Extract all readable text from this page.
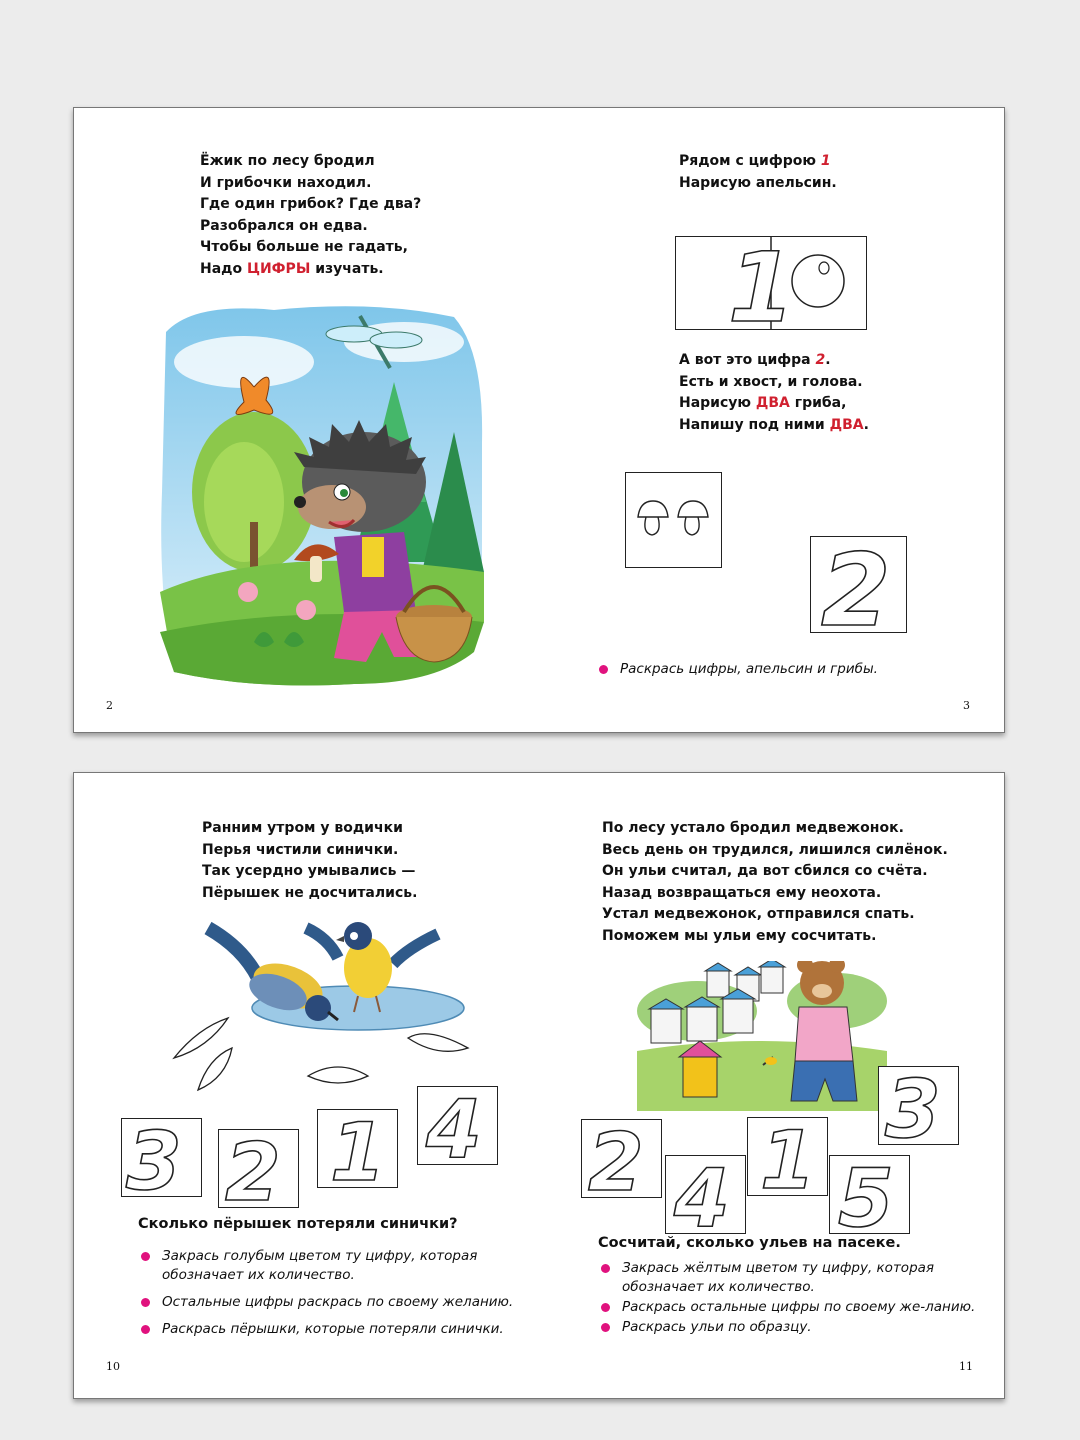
Ёжик по лесу бродил
И грибочки находил.
Где один грибок? Где два?
Разобрался он едва.
Чтобы больше не гадать,
Надо ЦИФРЫ изучать.
2
Рядом с цифрою 1
Нарисую апельсин.
1
А вот это цифра 2.
Есть и хвост, и голова.
Нарисую ДВА гриба,
Напишу под ними ДВА.
2
Раскрась цифры, апельсин и грибы.
3
Ранним утром у водички
Перья чистили синички.
Так усердно умывались —
Пёрышек не досчитались.
3 2 1 4
Сколько пёрышек потеряли синички?
Закрась голубым цветом ту цифру, которая обозначает их количество.
Остальные цифры раскрась по своему желанию.
Раскрась пёрышки, которые потеряли синички.
10
По лесу устало бродил медвежонок.
Весь день он трудился, лишился силёнок.
Он ульи считал, да вот сбился со счёта.
Назад возвращаться ему неохота.
Устал медвежонок, отправился спать.
Поможем мы ульи ему сосчитать.
2 4 1 5
3
Сосчитай, сколько ульев на пасеке.
Закрась жёлтым цветом ту цифру, которая обозначает их количество.
Раскрась остальные цифры по своему же-ланию.
Раскрась ульи по образцу.
11
